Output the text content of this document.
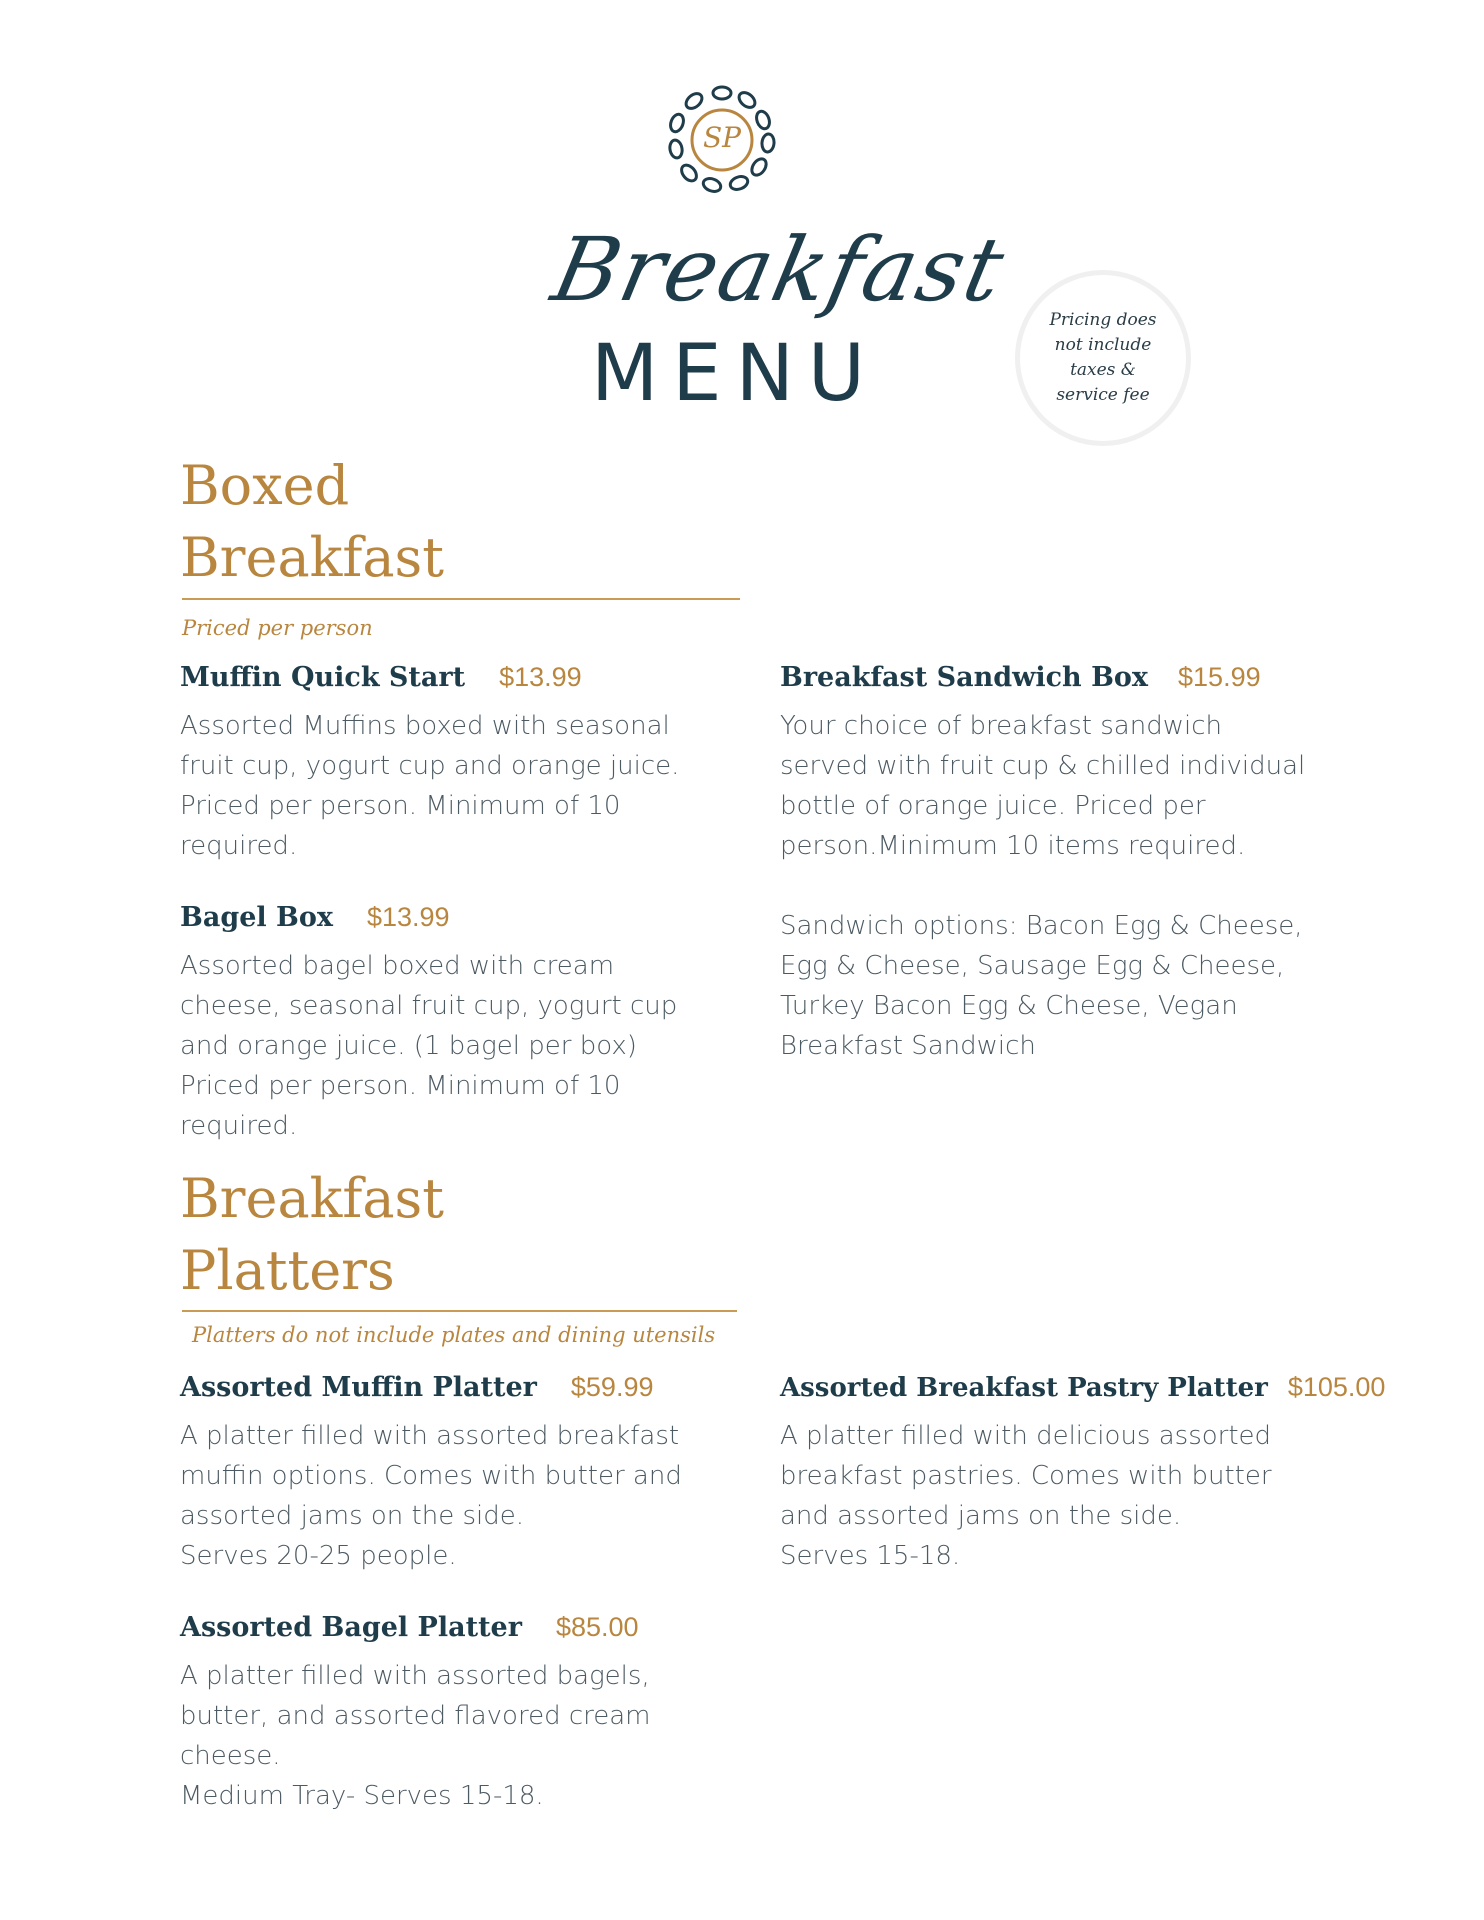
SP
Breakfast
MENU
Pricing does not include taxes & service fee
Boxed
Breakfast
Priced per person
Muffin Quick Start $13.99
Assorted Muffins boxed with seasonal
fruit cup, yogurt cup and orange juice.
Priced per person. Minimum of 10
required.
Breakfast Sandwich Box $15.99
Your choice of breakfast sandwich
served with fruit cup & chilled individual
bottle of orange juice. Priced per
person.Minimum 10 items required.

Sandwich options: Bacon Egg & Cheese,
Egg & Cheese, Sausage Egg & Cheese,
Turkey Bacon Egg & Cheese, Vegan
Breakfast Sandwich
Bagel Box $13.99
Assorted bagel boxed with cream
cheese, seasonal fruit cup, yogurt cup
and orange juice. (1 bagel per box)
Priced per person. Minimum of 10
required.
Breakfast
Platters
Platters do not include plates and dining utensils
Assorted Muffin Platter $59.99
A platter filled with assorted breakfast
muffin options. Comes with butter and
assorted jams on the side.
Serves 20-25 people.
Assorted Breakfast Pastry Platter $105.00
A platter filled with delicious assorted
breakfast pastries. Comes with butter
and assorted jams on the side.
Serves 15-18.
Assorted Bagel Platter $85.00
A platter filled with assorted bagels,
butter, and assorted flavored cream
cheese.
Medium Tray- Serves 15-18.
